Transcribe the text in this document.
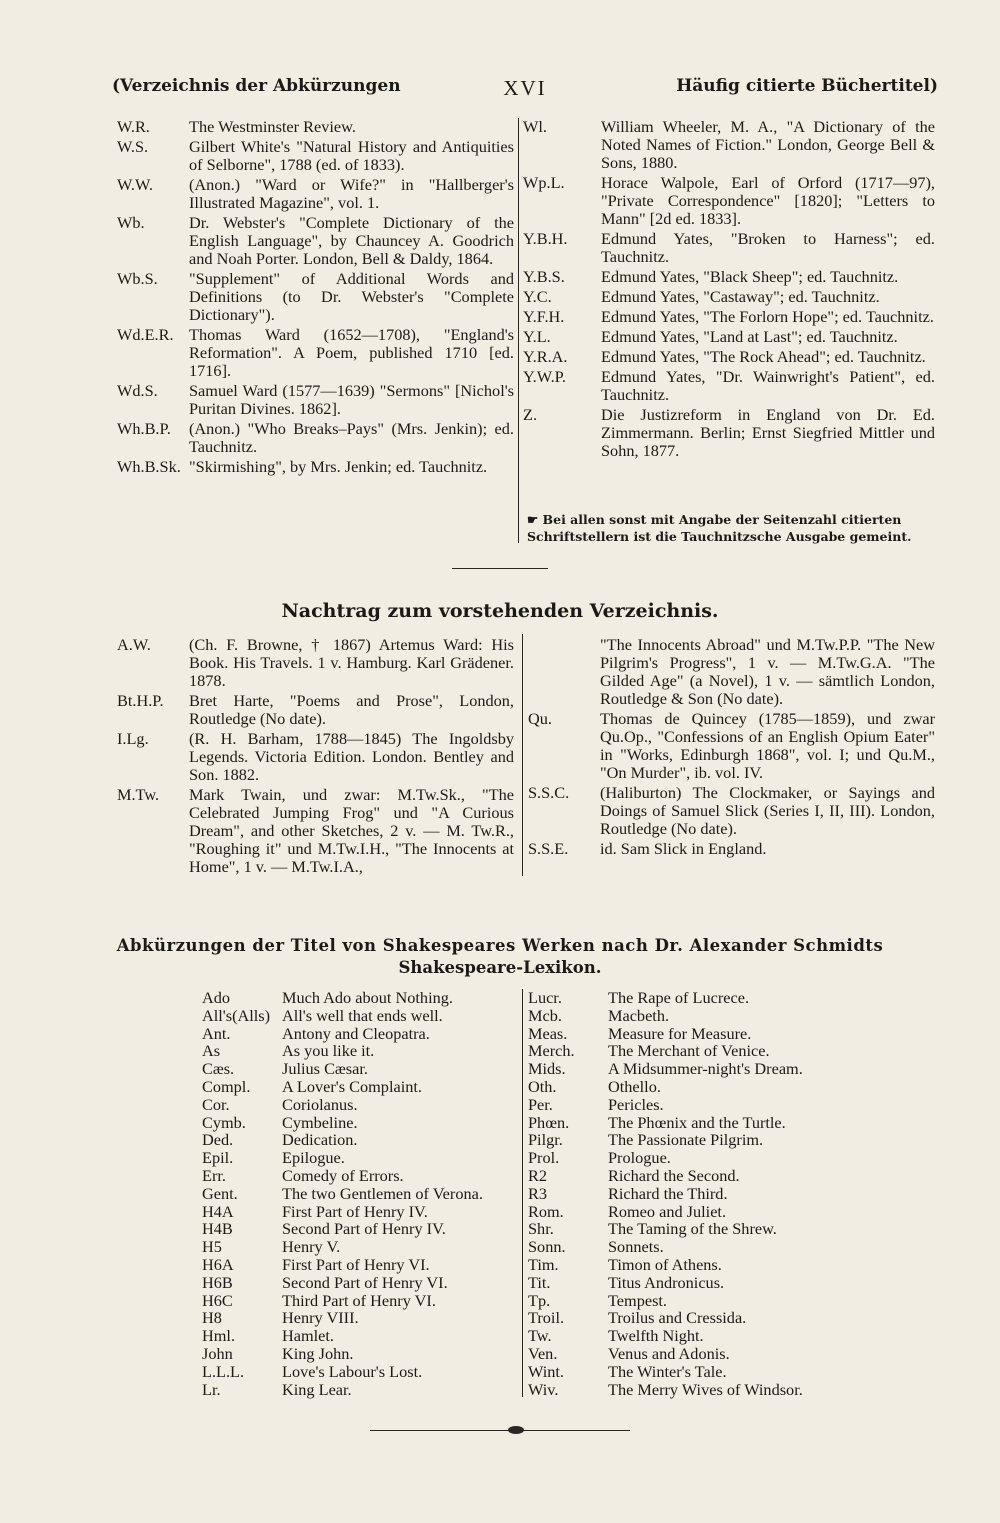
XVI
(Verzeichnis der Abkürzungen	Häufig citierte Büchertitel)
W.R.	The Westminster Review.
W.S.	Gilbert White's "Natural History and Antiquities of Selborne", 1788 (ed. of 1833).
W.W.	(Anon.) "Ward or Wife?" in "Hallberger's Illustrated Magazine", vol. 1.
Wb.	Dr. Webster's "Complete Dictionary of the English Language", by Chauncey A. Goodrich and Noah Porter. London, Bell & Daldy, 1864.
Wb.S.	"Supplement" of Additional Words and Definitions (to Dr. Webster's "Complete Dictionary").
Wd.E.R. Thomas Ward (1652—1708), "England's Reformation". A Poem, published 1710 [ed. 1716].
Wd.S.	Samuel Ward (1577—1639) "Sermons" [Nichol's Puritan Divines. 1862].
Wh.B.P.	(Anon.) "Who Breaks–Pays" (Mrs. Jenkin); ed. Tauchnitz.
Wh.B.Sk. "Skirmishing", by Mrs. Jenkin; ed. Tauchnitz.
Wl.	William Wheeler, M. A., "A Dictionary of the Noted Names of Fiction." London, George Bell & Sons, 1880.
Wp.L.	Horace Walpole, Earl of Orford (1717—97), "Private Correspondence" [1820]; "Letters to Mann" [2d ed. 1833].
Y.B.H.	Edmund Yates, "Broken to Harness"; ed. Tauchnitz.
Y.B.S.	Edmund Yates, "Black Sheep"; ed. Tauchnitz.
Y.C.	Edmund Yates, "Castaway"; ed. Tauchnitz.
Y.F.H.	Edmund Yates, "The Forlorn Hope"; ed. Tauchnitz.
Y.L.	Edmund Yates, "Land at Last"; ed. Tauchnitz.
Y.R.A.	Edmund Yates, "The Rock Ahead"; ed. Tauchnitz.
Y.W.P.	Edmund Yates, "Dr. Wainwright's Patient", ed. Tauchnitz.
Z.	Die Justizreform in England von Dr. Ed. Zimmermann. Berlin; Ernst Siegfried Mittler und Sohn, 1877.
☛ Bei allen sonst mit Angabe der Seitenzahl citierten Schriftstellern ist die Tauchnitzsche Ausgabe gemeint.
Nachtrag zum vorstehenden Verzeichnis.
A.W.	(Ch. F. Browne, † 1867) Artemus Ward: His Book. His Travels. 1 v. Hamburg. Karl Grädener. 1878.
Bt.H.P.	Bret Harte, "Poems and Prose", London, Routledge (No date).
I.Lg.	(R. H. Barham, 1788—1845) The Ingoldsby Legends. Victoria Edition. London. Bentley and Son. 1882.
M.Tw.	Mark Twain, und zwar: M.Tw.Sk., "The Celebrated Jumping Frog" und "A Curious Dream", and other Sketches, 2 v. — M. Tw.R., "Roughing it" und M.Tw.I.H., "The Innocents at Home", 1 v. — M.Tw.I.A.,
"The Innocents Abroad" und M.Tw.P.P. "The New Pilgrim's Progress", 1 v. — M.Tw.G.A. "The Gilded Age" (a Novel), 1 v. — sämtlich London, Routledge & Son (No date).
Qu.	Thomas de Quincey (1785—1859), und zwar Qu.Op., "Confessions of an English Opium Eater" in "Works, Edinburgh 1868", vol. I; und Qu.M., "On Murder", ib. vol. IV.
S.S.C.	(Haliburton) The Clockmaker, or Sayings and Doings of Samuel Slick (Series I, II, III). London, Routledge (No date).
S.S.E.	id. Sam Slick in England.
Abkürzungen der Titel von Shakespeares Werken nach Dr. Alexander Schmidts
Shakespeare-Lexikon.
Ado	Much Ado about Nothing.
All's(Alls) All's well that ends well.
Ant.	Antony and Cleopatra.
As	As you like it.
Cæs.	Julius Cæsar.
Compl.	A Lover's Complaint.
Cor.	Coriolanus.
Cymb.	Cymbeline.
Ded.	Dedication.
Epil.	Epilogue.
Err.	Comedy of Errors.
Gent.	The two Gentlemen of Verona.
H4A	First Part of Henry IV.
H4B	Second Part of Henry IV.
H5	Henry V.
H6A	First Part of Henry VI.
H6B	Second Part of Henry VI.
H6C	Third Part of Henry VI.
H8	Henry VIII.
Hml.	Hamlet.
John	King John.
L.L.L.	Love's Labour's Lost.
Lr.	King Lear.
Lucr.	The Rape of Lucrece.
Mcb.	Macbeth.
Meas.	Measure for Measure.
Merch.	The Merchant of Venice.
Mids.	A Midsummer-night's Dream.
Oth.	Othello.
Per.	Pericles.
Phœn.	The Phœnix and the Turtle.
Pilgr.	The Passionate Pilgrim.
Prol.	Prologue.
R2	Richard the Second.
R3	Richard the Third.
Rom.	Romeo and Juliet.
Shr.	The Taming of the Shrew.
Sonn.	Sonnets.
Tim.	Timon of Athens.
Tit.	Titus Andronicus.
Tp.	Tempest.
Troil.	Troilus and Cressida.
Tw.	Twelfth Night.
Ven.	Venus and Adonis.
Wint.	The Winter's Tale.
Wiv.	The Merry Wives of Windsor.
